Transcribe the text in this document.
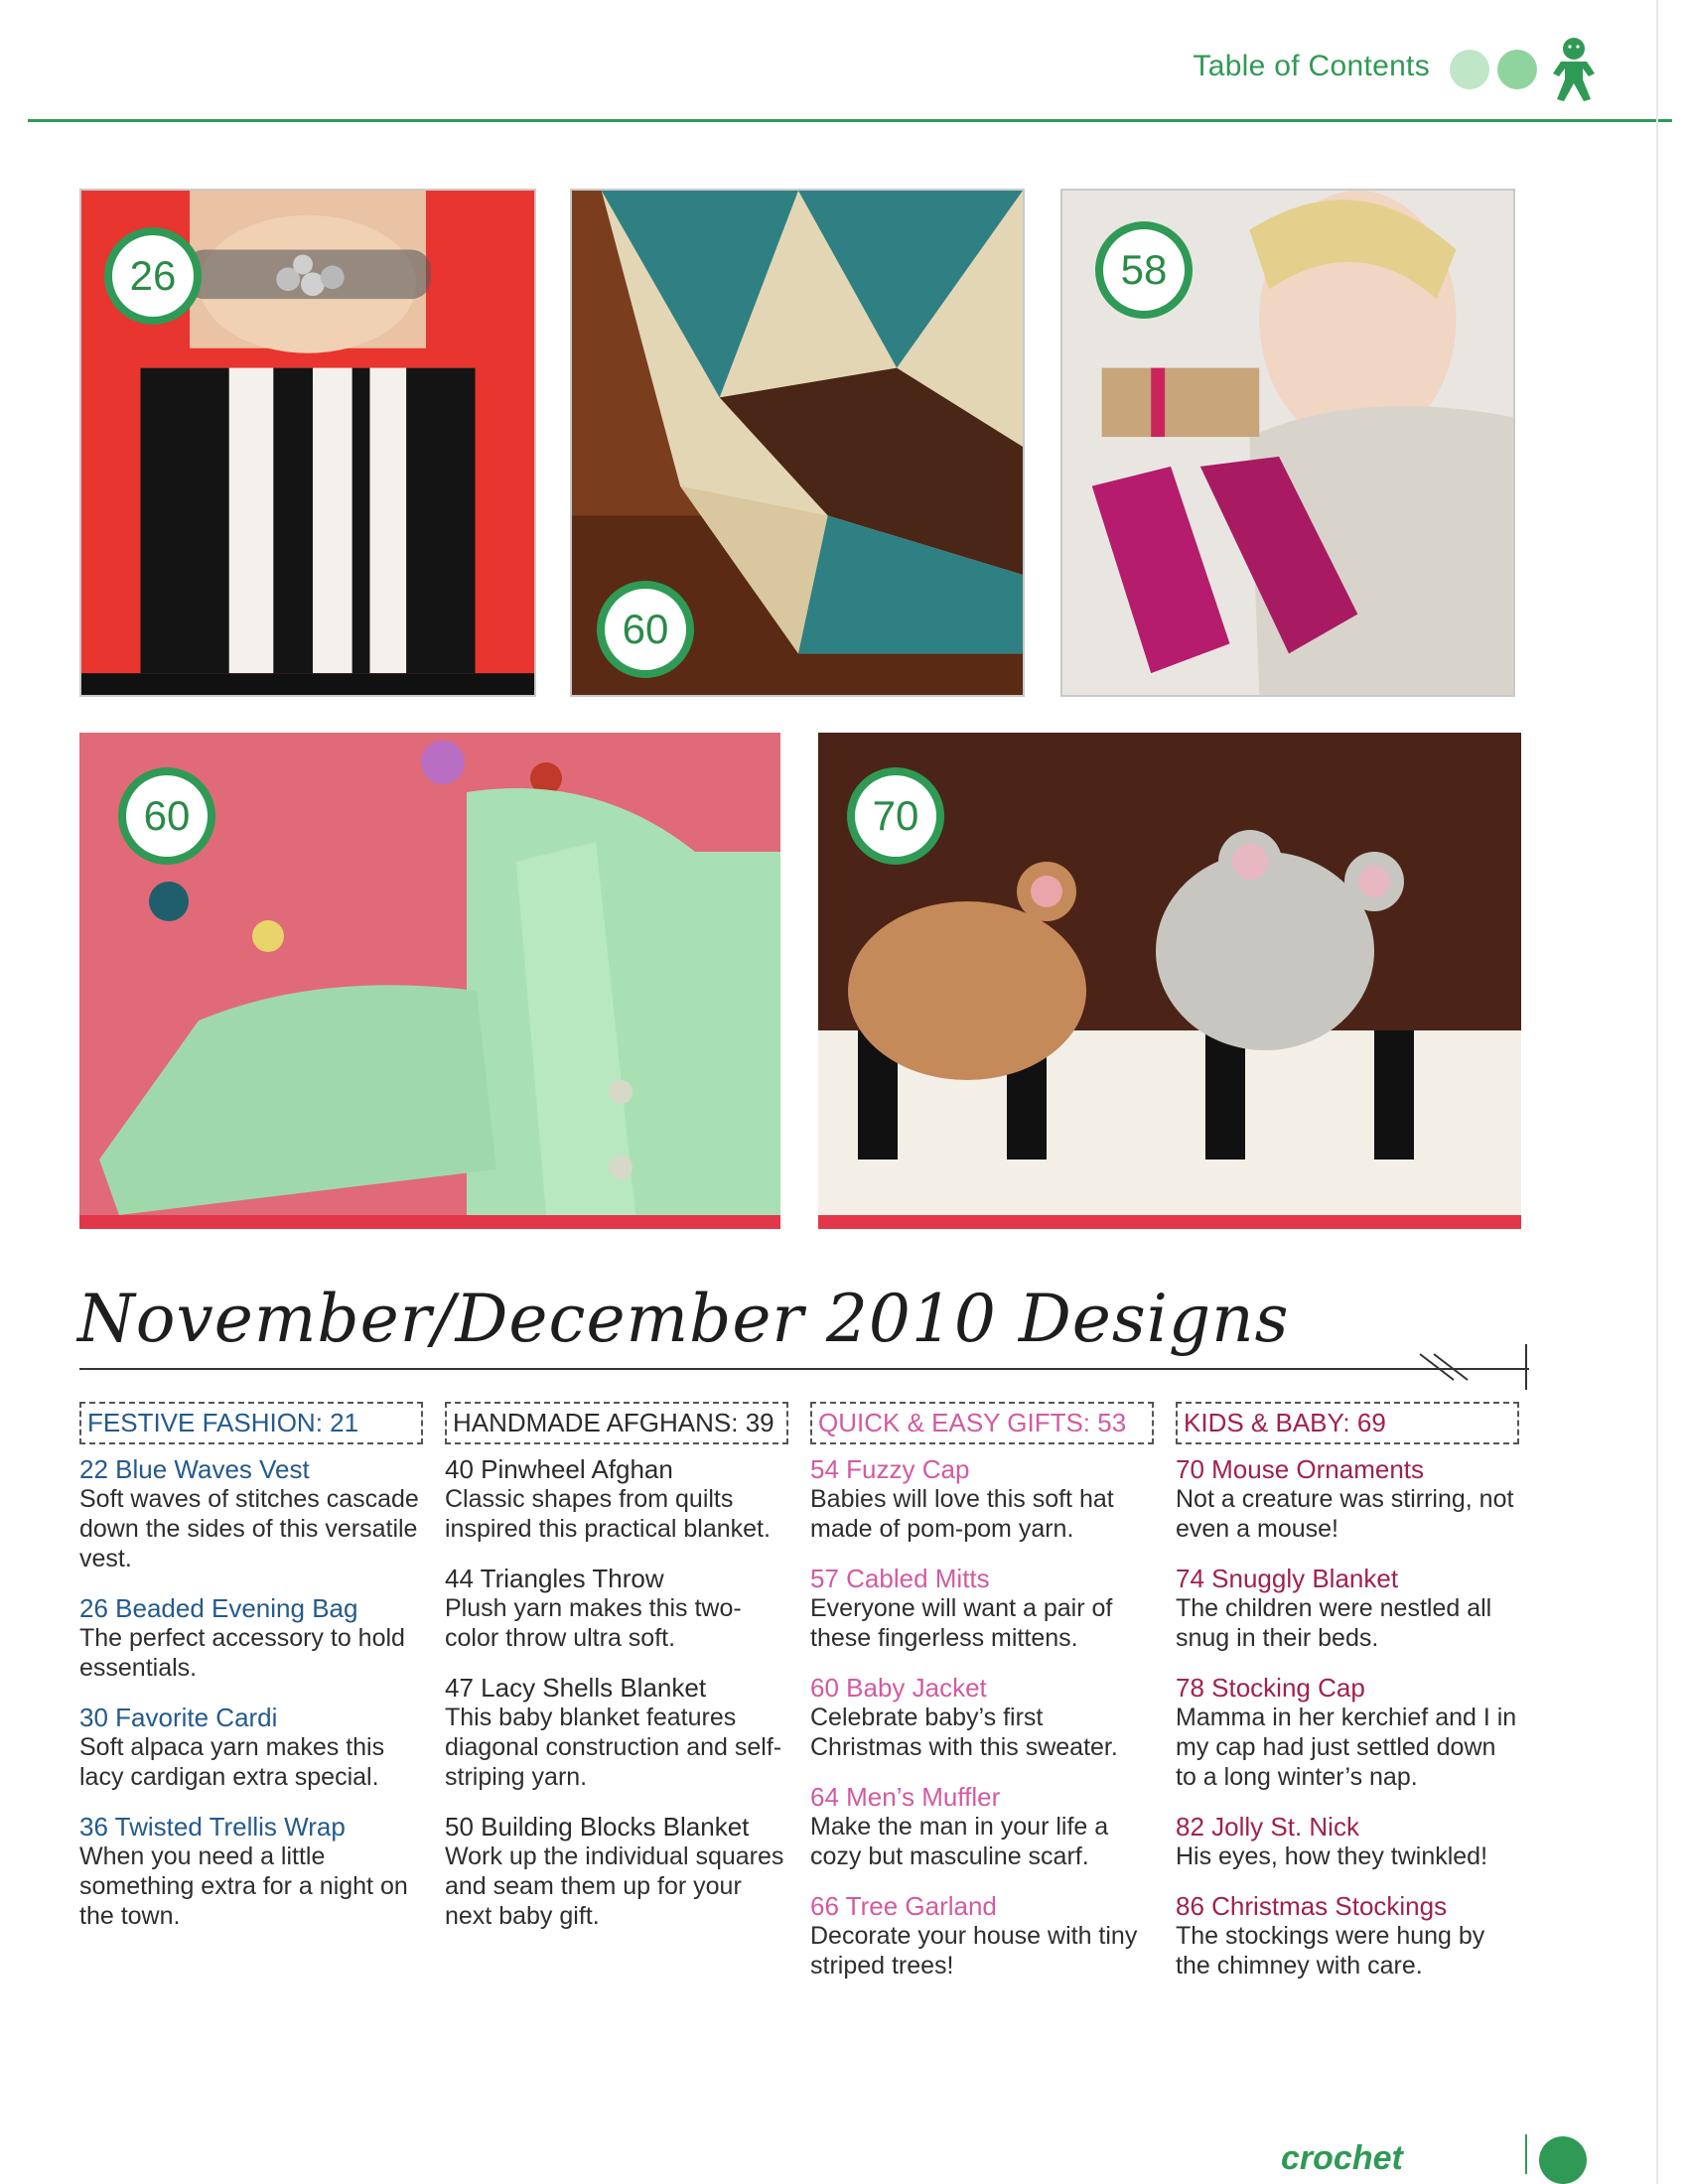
Table of Contents
26
60
58
60	70
November/December 2010 Designs
FESTIVE FASHION: 21
22 Blue Waves Vest
Soft waves of stitches cascade down the sides of this versatile vest.
26 Beaded Evening Bag
The perfect accessory to hold essentials.
30 Favorite Cardi
Soft alpaca yarn makes this lacy cardigan extra special.
36 Twisted Trellis Wrap
When you need a little something extra for a night on the town.
HANDMADE AFGHANS: 39
40 Pinwheel Afghan
Classic shapes from quilts inspired this practical blanket.
44 Triangles Throw
Plush yarn makes this two-color throw ultra soft.
47 Lacy Shells Blanket
This baby blanket features diagonal construction and self-striping yarn.
50 Building Blocks Blanket
Work up the individual squares and seam them up for your next baby gift.
QUICK & EASY GIFTS: 53
54 Fuzzy Cap
Babies will love this soft hat made of pom-pom yarn.
57 Cabled Mitts
Everyone will want a pair of these fingerless mittens.
60 Baby Jacket
Celebrate baby’s first Christmas with this sweater.
64 Men’s Muffler
Make the man in your life a cozy but masculine scarf.
66 Tree Garland
Decorate your house with tiny striped trees!
KIDS & BABY: 69
70 Mouse Ornaments
Not a creature was stirring, not even a mouse!
74 Snuggly Blanket
The children were nestled all snug in their beds.
78 Stocking Cap
Mamma in her kerchief and I in my cap had just settled down to a long winter’s nap.
82 Jolly St. Nick
His eyes, how they twinkled!
86 Christmas Stockings
The stockings were hung by the chimney with care.
crochet
